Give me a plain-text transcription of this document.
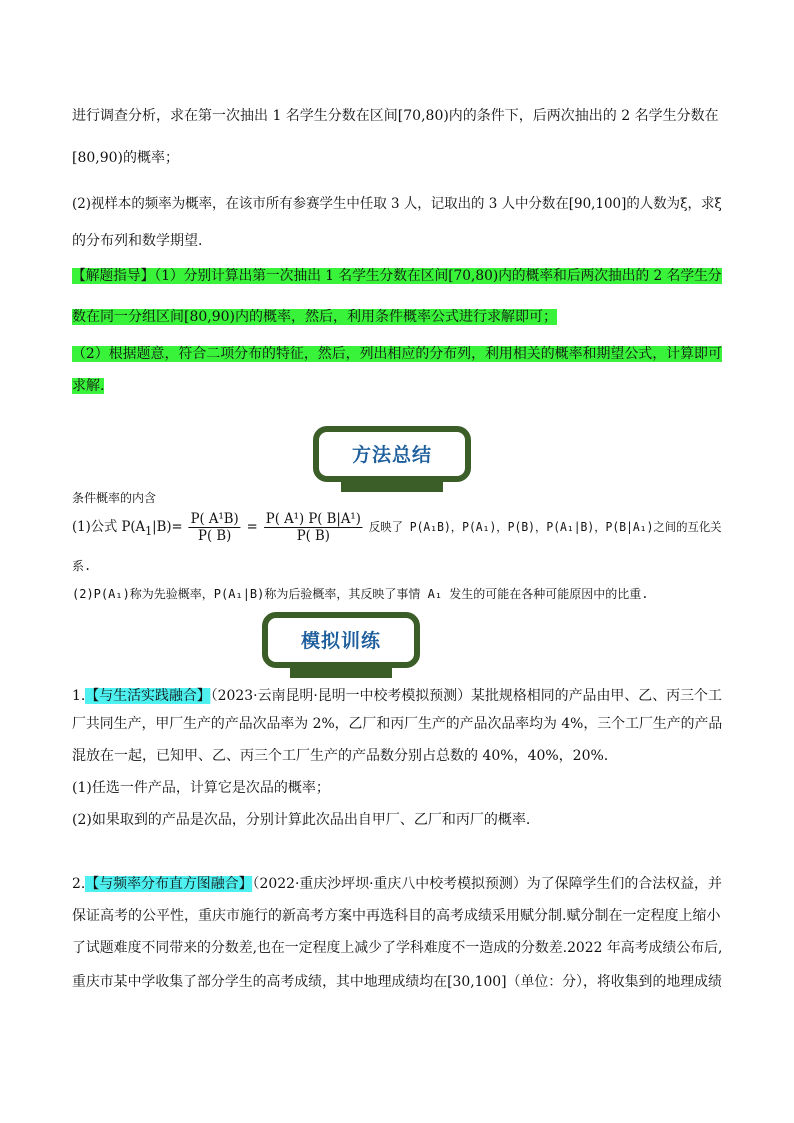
进行调查分析，求在第一次抽出 1 名学生分数在区间[70,80)内的条件下，后两次抽出的 2 名学生分数在
[80,90)的概率；
(2)视样本的频率为概率，在该市所有参赛学生中任取 3 人，记取出的 3 人中分数在[90,100]的人数为ξ，求ξ
的分布列和数学期望.
【解题指导】（1）分别计算出第一次抽出 1 名学生分数在区间[70,80)内的概率和后两次抽出的 2 名学生分
数在同一分组区间[80,90)内的概率，然后，利用条件概率公式进行求解即可；
（2）根据题意，符合二项分布的特征，然后，列出相应的分布列，利用相关的概率和期望公式，计算即可
求解.
方法总结
条件概率的内含
(1)公式 $P(A_1|B)= \frac{\text{P( A¹B)}}{P( B)} = \frac{\text{P( A¹) P( B|A¹)}}{P( B)}$ 反映了 P(A₁B)，P(A₁)，P(B)，P(A₁|B)，P(B|A₁)之间的互化关
系.
(2)P(A₁)称为先验概率，P(A₁|B)称为后验概率，其反映了事情 A₁ 发生的可能在各种可能原因中的比重.
模拟训练
1.【与生活实践融合】（2023·云南昆明·昆明一中校考模拟预测）某批规格相同的产品由甲、乙、丙三个工
厂共同生产，甲厂生产的产品次品率为 2%，乙厂和丙厂生产的产品次品率均为 4%，三个工厂生产的产品
混放在一起，已知甲、乙、丙三个工厂生产的产品数分别占总数的 40%，40%，20%.
(1)任选一件产品，计算它是次品的概率；
(2)如果取到的产品是次品，分别计算此次品出自甲厂、乙厂和丙厂的概率.
2.【与频率分布直方图融合】（2022·重庆沙坪坝·重庆八中校考模拟预测）为了保障学生们的合法权益，并
保证高考的公平性，重庆市施行的新高考方案中再选科目的高考成绩采用赋分制.赋分制在一定程度上缩小
了试题难度不同带来的分数差,也在一定程度上减少了学科难度不一造成的分数差.2022 年高考成绩公布后,
重庆市某中学收集了部分学生的高考成绩，其中地理成绩均在[30,100]（单位：分），将收集到的地理成绩
